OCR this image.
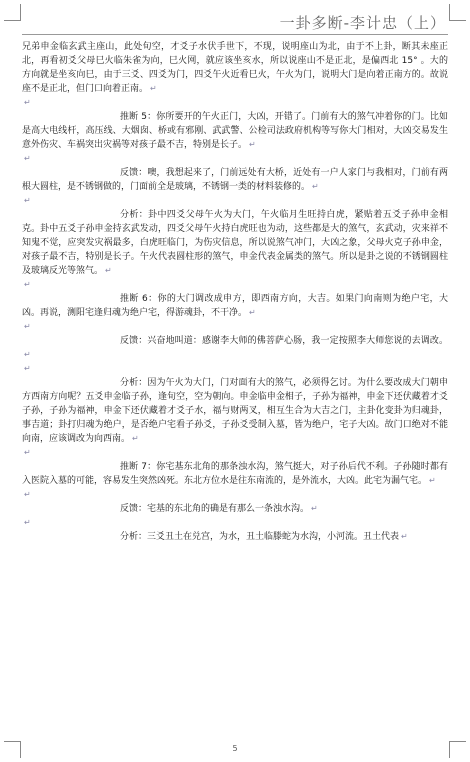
一卦多断-李计忠（上）
兄弟申金临玄武主座山，此处旬空，才爻子水伏手世下，不现，说明座山为北，由于不上卦，断其未座正北，再看初爻父母巳火临朱雀为向，巳火网，就应该坐亥水，所以说座山不是正北，是偏西北 15° 。大的方向就是坐亥向巳，由于三爻、四爻为门，四爻午火近看巳火，午火为门，说明大门是向着正南方的。故说座不是正北，但门口向着正南。 ↵
↵
推断 5：你所要开的午火正门，大凶，开错了。门前有大的煞气冲着你的门。比如是高大电线杆，高压线、大烟囱、桥或有邪刚、武武警、公检司法政府机构等写你大门相对，大凶交易发生意外伤灾、车祸突出灾祸等对孩子最不吉，特别是长子。 ↵
↵
反馈：噢，我想起来了，门前远处有大桥，近处有一户人家门与我相对，门前有两根大圆柱，是不锈钢做的，门面前全是玻璃，不锈钢一类的材料装修的。 ↵
↵
分析：卦中四爻父母午火为大门，午火临月生旺持白虎，紧贴着五爻子孙申金相克。卦中五爻子孙申金持玄武发动，四爻父母午火持白虎旺也为动，这些都是大的煞气，玄武动，灾来祥不知鬼不觉，应突发灾祸最多，白虎旺临门，为伤灾信息，所以说煞气冲门，大凶之象，父母火克子孙申金，对孩子最不吉，特别是长子。午火代表圆柱形的煞气，申金代表金属类的煞气。所以是卦之说的不锈钢圆柱及玻璃反光等煞气。 ↵
↵
推断 6：你的大门调改成申方，即西南方向，大吉。如果门向南则为绝户宅，大凶。再说，测阳宅逢归魂为绝户宅，得游魂卦，不干净。 ↵
↵
反馈：兴奋地叫道：感谢李大师的佛菩萨心肠，我一定按照李大师您说的去调改。↵
↵
分析：因为午火为大门，门对面有大的煞气，必须得乞讨。为什么要改成大门朝申方西南方向呢？五爻申金临子孙，逢旬空，空为朝向。申金临申金相子，子孙为福神，申金下还伏藏着才爻子孙，子孙为福神，申金下还伏藏着才爻子水，福与财两叉，相互生合为大吉之门，主卦化变卦为归魂卦，事吉道；卦打归魂为绝户，是否绝户宅看子孙爻，子孙爻受制入墓，皆为绝户，宅子大凶。故门口绝对不能向南，应该调改为向西南。 ↵
↵
推断 7：你宅基东北角的那条浊水沟，煞气挺大，对子孙后代不利。子孙随时都有入医院入墓的可能，容易发生突然凶死。东北方位水是往东南流的，是外流水，大凶。此宅为漏气宅。 ↵
↵
反馈：宅基的东北角的确是有那么一条浊水沟。 ↵
↵
分析：三爻丑土在兑宫，为水，丑土临滕蛇为水沟，小河流。丑土代表 ↵
5
